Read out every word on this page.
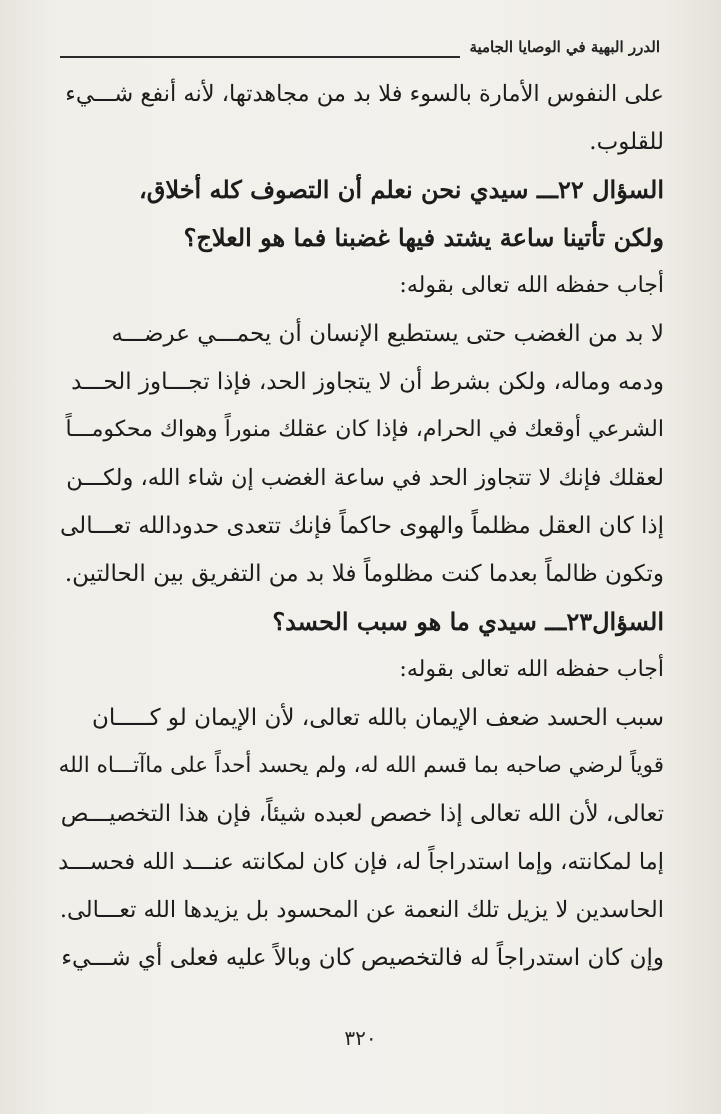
الدرر البهية في الوصايا الجامية
على النفوس الأمارة بالسوء فلا بد من مجاهدتها، لأنه أنفع شـــيء
للقلوب.
السؤال ٢٢ـــ سيدي نحن نعلم أن التصوف كله أخلاق،
ولكن تأتينا ساعة يشتد فيها غضبنا فما هو العلاج؟
أجاب حفظه الله تعالى بقوله:
لا بد من الغضب حتى يستطيع الإنسان أن يحمـــي عرضـــه
ودمه وماله، ولكن بشرط أن لا يتجاوز الحد، فإذا تجـــاوز الحـــد
الشرعي أوقعك في الحرام، فإذا كان عقلك منوراً وهواك محكومـــاً
لعقلك فإنك لا تتجاوز الحد في ساعة الغضب إن شاء الله، ولكـــن
إذا كان العقل مظلماً والهوى حاكماً فإنك تتعدى حدودالله تعـــالى
وتكون ظالماً بعدما كنت مظلوماً فلا بد من التفريق بين الحالتين.
السؤال٢٣ـــ سيدي ما هو سبب الحسد؟
أجاب حفظه الله تعالى بقوله:
سبب الحسد ضعف الإيمان بالله تعالى، لأن الإيمان لو كـــــان
قوياً لرضي صاحبه بما قسم الله له، ولم يحسد أحداً على ماآتـــاه الله
تعالى، لأن الله تعالى إذا خصص لعبده شيئاً، فإن هذا التخصيـــص
إما لمكانته، وإما استدراجاً له، فإن كان لمكانته عنـــد الله فحســـد
الحاسدين لا يزيل تلك النعمة عن المحسود بل يزيدها الله تعـــالى.
وإن كان استدراجاً له فالتخصيص كان وبالاً عليه فعلى أي شـــيء
٣٢٠
